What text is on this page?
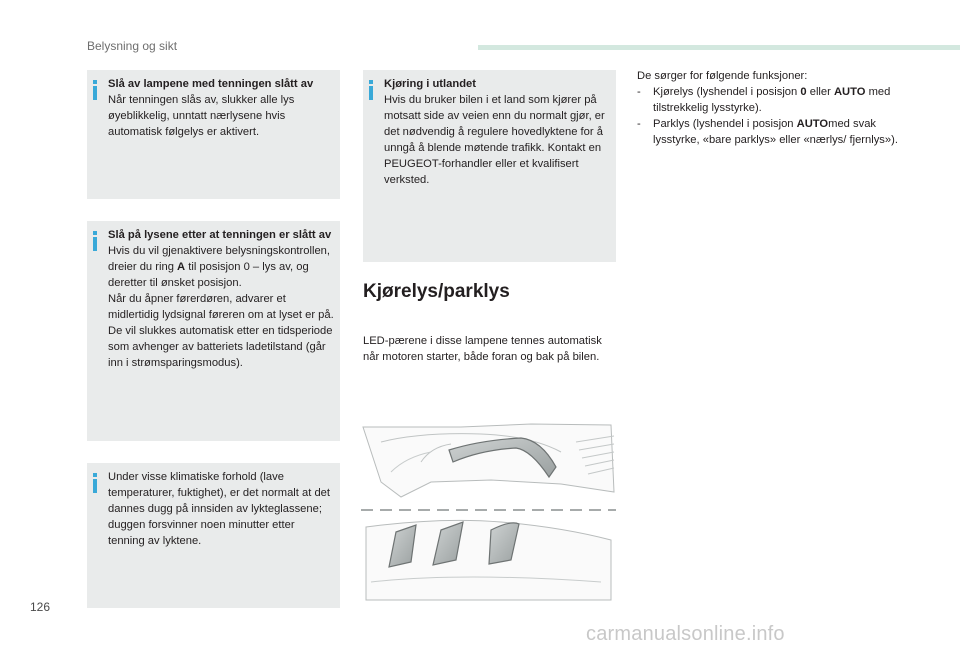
Belysning og sikt
Slå av lampene med tenningen slått av
Når tenningen slås av, slukker alle lys øyeblikkelig, unntatt nærlysene hvis automatisk følgelys er aktivert.
Slå på lysene etter at tenningen er slått av
Hvis du vil gjenaktivere belysningskontrollen, dreier du ring A til posisjon 0 – lys av, og deretter til ønsket posisjon.
Når du åpner førerdøren, advarer et midlertidig lydsignal føreren om at lyset er på.
De vil slukkes automatisk etter en tidsperiode som avhenger av batteriets ladetilstand (går inn i strømsparingsmodus).
Under visse klimatiske forhold (lave temperaturer, fuktighet), er det normalt at det dannes dugg på innsiden av lykteglassene; duggen forsvinner noen minutter etter tenning av lyktene.
Kjøring i utlandet
Hvis du bruker bilen i et land som kjører på motsatt side av veien enn du normalt gjør, er det nødvendig å regulere hovedlyktene for å unngå å blende møtende trafikk. Kontakt en PEUGEOT-forhandler eller et kvalifisert verksted.
Kjørelys/parklys
LED-pærene i disse lampene tennes automatisk når motoren starter, både foran og bak på bilen.
De sørger for følgende funksjoner:
- Kjørelys (lyshendel i posisjon 0 eller AUTO med tilstrekkelig lysstyrke).
- Parklys (lyshendel i posisjon AUTOmed svak lysstyrke, «bare parklys» eller «nærlys/ fjernlys»).
126
carmanualsonline.info
